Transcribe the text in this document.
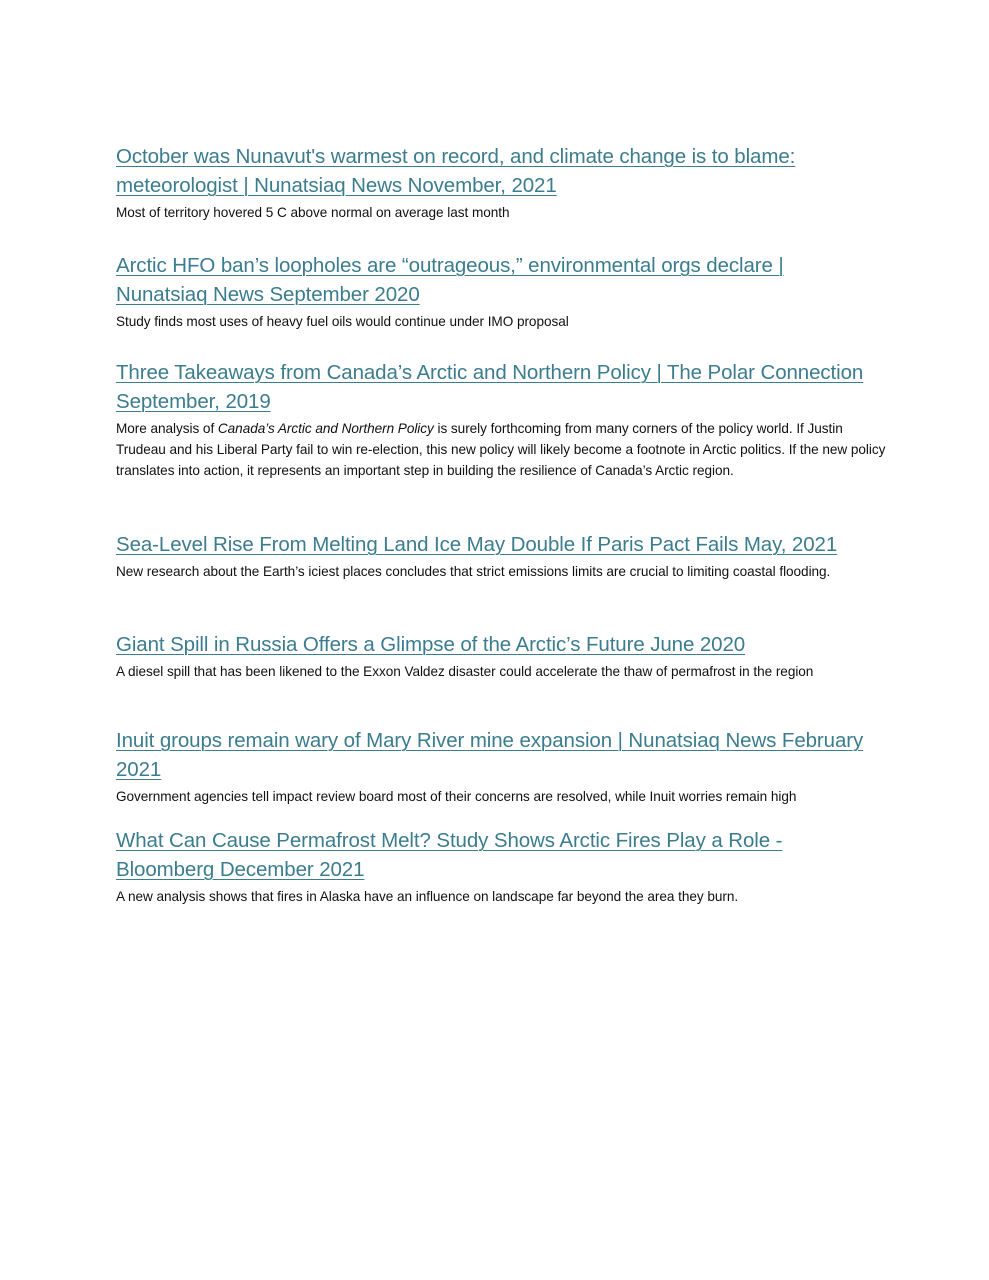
October was Nunavut's warmest on record, and climate change is to blame: meteorologist | Nunatsiaq News November, 2021
Most of territory hovered 5 C above normal on average last month
Arctic HFO ban’s loopholes are “outrageous,” environmental orgs declare | Nunatsiaq News September 2020
Study finds most uses of heavy fuel oils would continue under IMO proposal
Three Takeaways from Canada’s Arctic and Northern Policy | The Polar Connection September, 2019
More analysis of Canada’s Arctic and Northern Policy is surely forthcoming from many corners of the policy world. If Justin Trudeau and his Liberal Party fail to win re-election, this new policy will likely become a footnote in Arctic politics. If the new policy translates into action, it represents an important step in building the resilience of Canada’s Arctic region.
Sea-Level Rise From Melting Land Ice May Double If Paris Pact Fails May, 2021
New research about the Earth’s iciest places concludes that strict emissions limits are crucial to limiting coastal flooding.
Giant Spill in Russia Offers a Glimpse of the Arctic’s Future June 2020
A diesel spill that has been likened to the Exxon Valdez disaster could accelerate the thaw of permafrost in the region
Inuit groups remain wary of Mary River mine expansion | Nunatsiaq News February 2021
Government agencies tell impact review board most of their concerns are resolved, while Inuit worries remain high
What Can Cause Permafrost Melt? Study Shows Arctic Fires Play a Role - Bloomberg December 2021
A new analysis shows that fires in Alaska have an influence on landscape far beyond the area they burn.
